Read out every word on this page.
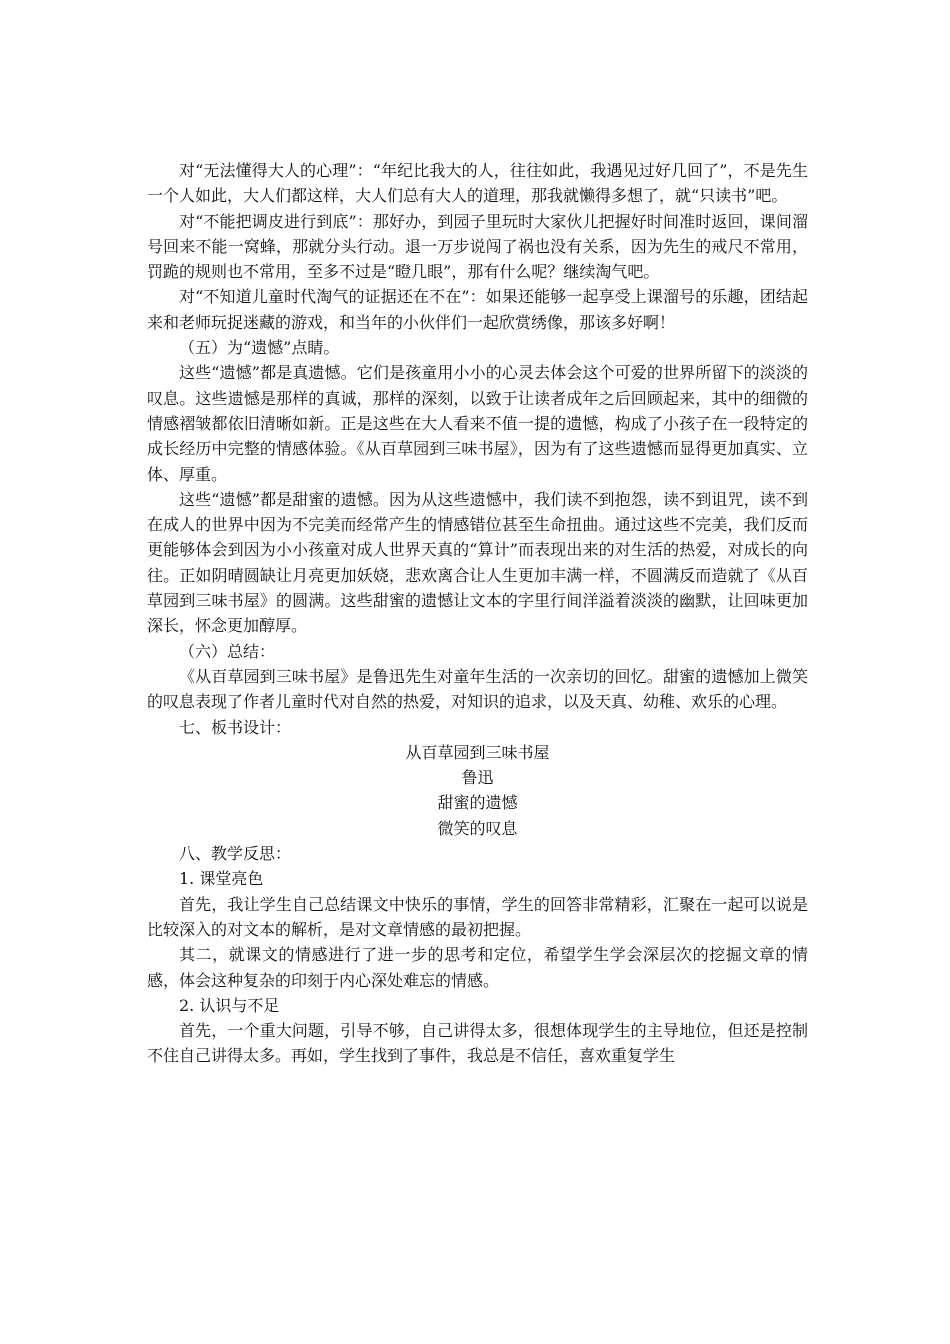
对“无法懂得大人的心理”：“年纪比我大的人，往往如此，我遇见过好几回了”，不是先生一个人如此，大人们都这样，大人们总有大人的道理，那我就懒得多想了，就“只读书”吧。

对“不能把调皮进行到底”：那好办，到园子里玩时大家伙儿把握好时间准时返回，课间溜号回来不能一窝蜂，那就分头行动。退一万步说闯了祸也没有关系，因为先生的戒尺不常用，罚跪的规则也不常用，至多不过是“瞪几眼”，那有什么呢？继续淘气吧。

对“不知道儿童时代淘气的证据还在不在”：如果还能够一起享受上课溜号的乐趣，团结起来和老师玩捉迷藏的游戏，和当年的小伙伴们一起欣赏绣像，那该多好啊！

（五）为“遗憾”点睛。

这些“遗憾”都是真遗憾。它们是孩童用小小的心灵去体会这个可爱的世界所留下的淡淡的叹息。这些遗憾是那样的真诚，那样的深刻，以致于让读者成年之后回顾起来，其中的细微的情感褶皱都依旧清晰如新。正是这些在大人看来不值一提的遗憾，构成了小孩子在一段特定的成长经历中完整的情感体验。《从百草园到三味书屋》，因为有了这些遗憾而显得更加真实、立体、厚重。

这些“遗憾”都是甜蜜的遗憾。因为从这些遗憾中，我们读不到抱怨，读不到诅咒，读不到在成人的世界中因为不完美而经常产生的情感错位甚至生命扭曲。通过这些不完美，我们反而更能够体会到因为小小孩童对成人世界天真的“算计”而表现出来的对生活的热爱，对成长的向往。正如阴晴圆缺让月亮更加妖娆，悲欢离合让人生更加丰满一样，不圆满反而造就了《从百草园到三味书屋》的圆满。这些甜蜜的遗憾让文本的字里行间洋溢着淡淡的幽默，让回味更加深长，怀念更加醇厚。

（六）总结：

《从百草园到三味书屋》是鲁迅先生对童年生活的一次亲切的回忆。甜蜜的遗憾加上微笑的叹息表现了作者儿童时代对自然的热爱，对知识的追求，以及天真、幼稚、欢乐的心理。

七、板书设计：

从百草园到三味书屋

鲁迅

甜蜜的遗憾

微笑的叹息

八、教学反思：

1. 课堂亮色

首先，我让学生自己总结课文中快乐的事情，学生的回答非常精彩，汇聚在一起可以说是比较深入的对文本的解析，是对文章情感的最初把握。

其二，就课文的情感进行了进一步的思考和定位，希望学生学会深层次的挖掘文章的情感，体会这种复杂的印刻于内心深处难忘的情感。

2. 认识与不足

首先，一个重大问题，引导不够，自己讲得太多，很想体现学生的主导地位，但还是控制不住自己讲得太多。再如，学生找到了事件，我总是不信任，喜欢重复学生
